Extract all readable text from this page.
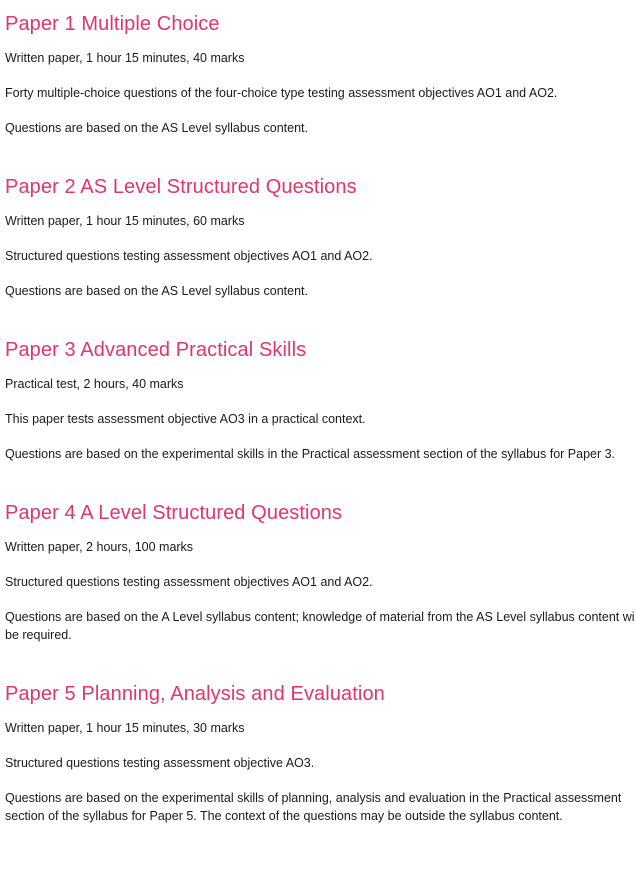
Paper 1 Multiple Choice

Written paper, 1 hour 15 minutes, 40 marks

Forty multiple-choice questions of the four-choice type testing assessment objectives AO1 and AO2.

Questions are based on the AS Level syllabus content.

Paper 2 AS Level Structured Questions

Written paper, 1 hour 15 minutes, 60 marks

Structured questions testing assessment objectives AO1 and AO2.

Questions are based on the AS Level syllabus content.

Paper 3 Advanced Practical Skills

Practical test, 2 hours, 40 marks

This paper tests assessment objective AO3 in a practical context.

Questions are based on the experimental skills in the Practical assessment section of the syllabus for Paper 3.

Paper 4 A Level Structured Questions

Written paper, 2 hours, 100 marks

Structured questions testing assessment objectives AO1 and AO2.

Questions are based on the A Level syllabus content; knowledge of material from the AS Level syllabus content wi

be required.

Paper 5 Planning, Analysis and Evaluation

Written paper, 1 hour 15 minutes, 30 marks

Structured questions testing assessment objective AO3.

Questions are based on the experimental skills of planning, analysis and evaluation in the Practical assessment

section of the syllabus for Paper 5. The context of the questions may be outside the syllabus content.
